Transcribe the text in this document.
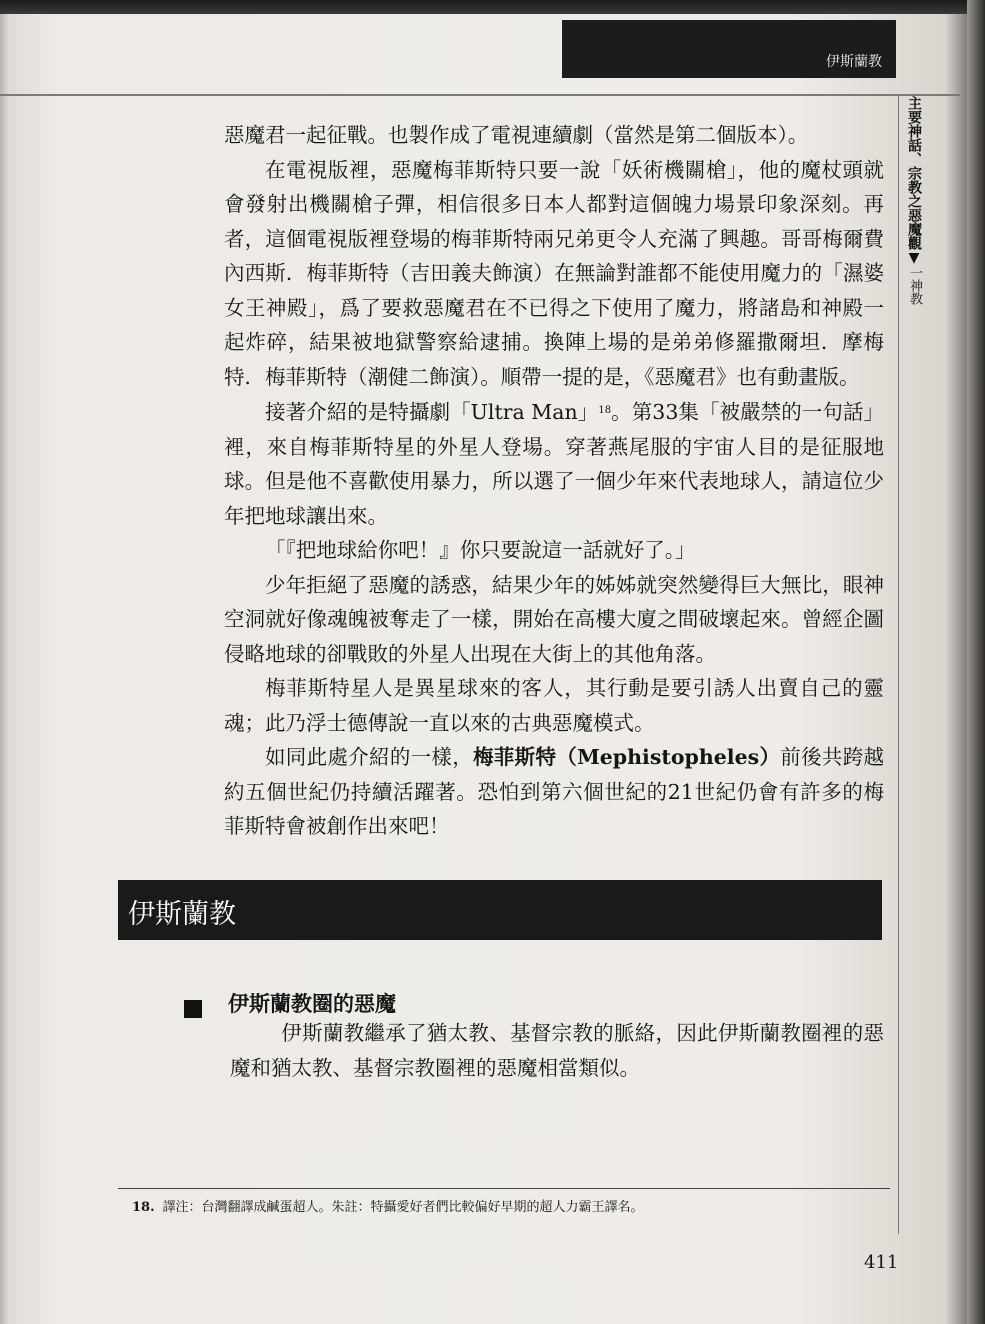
伊斯蘭教
主要神話、宗教之惡魔觀▼一神教

惡魔君一起征戰。也製作成了電視連續劇（當然是第二個版本）。

在電視版裡，惡魔梅菲斯特只要一說「妖術機關槍」，他的魔杖頭就會發射出機關槍子彈，相信很多日本人都對這個魄力場景印象深刻。再者，這個電視版裡登場的梅菲斯特兩兄弟更令人充滿了興趣。哥哥梅爾費內西斯．梅菲斯特（吉田義夫飾演）在無論對誰都不能使用魔力的「濕婆女王神殿」，爲了要救惡魔君在不已得之下使用了魔力，將諸島和神殿一起炸碎，結果被地獄警察給逮捕。換陣上場的是弟弟修羅撒爾坦．摩梅特．梅菲斯特（潮健二飾演）。順帶一提的是，《惡魔君》也有動畫版。

接著介紹的是特攝劇「Ultra Man」$^{18}$。第33集「被嚴禁的一句話」裡，來自梅菲斯特星的外星人登場。穿著燕尾服的宇宙人目的是征服地球。但是他不喜歡使用暴力，所以選了一個少年來代表地球人，請這位少年把地球讓出來。

「『把地球給你吧！』你只要說這一話就好了。」

少年拒絕了惡魔的誘惑，結果少年的姊姊就突然變得巨大無比，眼神空洞就好像魂魄被奪走了一樣，開始在高樓大廈之間破壞起來。曾經企圖侵略地球的卻戰敗的外星人出現在大街上的其他角落。

梅菲斯特星人是異星球來的客人，其行動是要引誘人出賣自己的靈魂；此乃浮士德傳說一直以來的古典惡魔模式。

如同此處介紹的一樣，梅菲斯特（Mephistopheles）前後共跨越約五個世紀仍持續活躍著。恐怕到第六個世紀的21世紀仍會有許多的梅菲斯特會被創作出來吧！

伊斯蘭教
伊斯蘭教圈的惡魔

伊斯蘭教繼承了猶太教、基督宗教的脈絡，因此伊斯蘭教圈裡的惡魔和猶太教、基督宗教圈裡的惡魔相當類似。

18. 譯注：台灣翻譯成鹹蛋超人。朱註：特攝愛好者們比較偏好早期的超人力霸王譯名。
411
